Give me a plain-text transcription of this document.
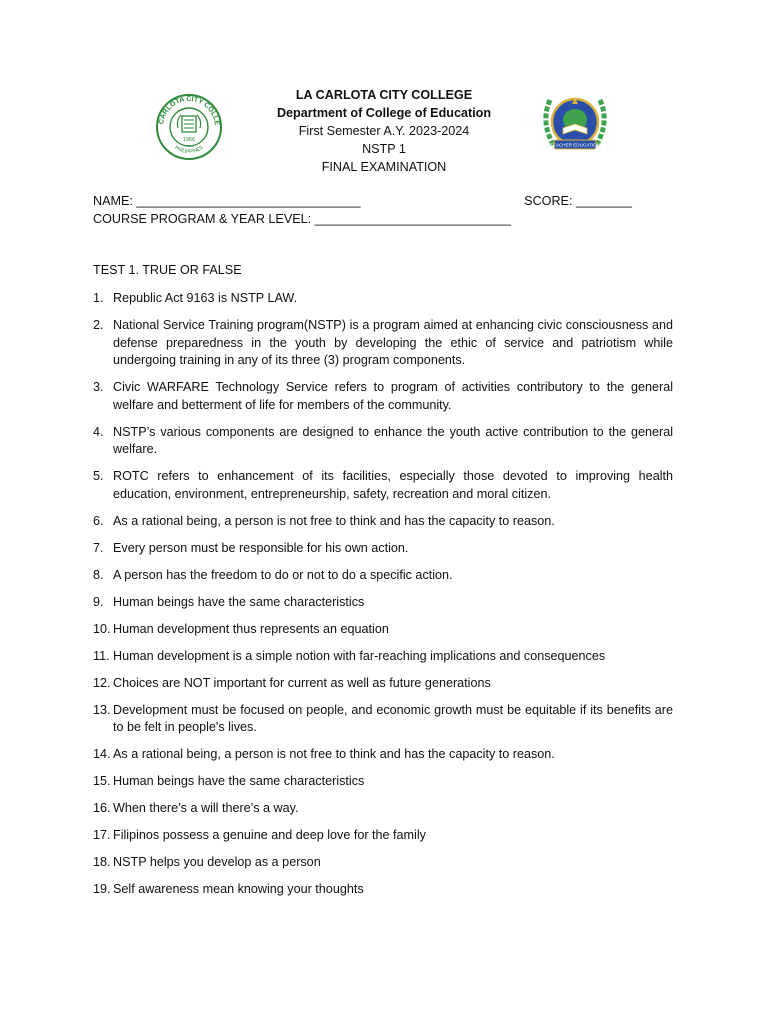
CARLOTA CITY COLLE
PHILIPPINES
1966
TEACHER EDUCATION
LA CARLOTA CITY COLLEGE
Department of College of Education
First Semester A.Y. 2023-2024
NSTP 1
FINAL EXAMINATION
NAME: ________________________________	SCORE: ________
COURSE PROGRAM & YEAR LEVEL: ____________________________
TEST 1. TRUE OR FALSE
1. Republic Act 9163 is NSTP LAW.
2. National Service Training program(NSTP) is a program aimed at enhancing civic consciousness and defense preparedness in the youth by developing the ethic of service and patriotism while undergoing training in any of its three (3) program components.
3. Civic WARFARE Technology Service refers to program of activities contributory to the general welfare and betterment of life for members of the community.
4. NSTP’s various components are designed to enhance the youth active contribution to the general welfare.
5. ROTC refers to enhancement of its facilities, especially those devoted to improving health education, environment, entrepreneurship, safety, recreation and moral citizen.
6. As a rational being, a person is not free to think and has the capacity to reason.
7. Every person must be responsible for his own action.
8. A person has the freedom to do or not to do a specific action.
9. Human beings have the same characteristics
10. Human development thus represents an equation
11. Human development is a simple notion with far-reaching implications and consequences
12. Choices are NOT important for current as well as future generations
13. Development must be focused on people, and economic growth must be equitable if its benefits are to be felt in people's lives.
14. As a rational being, a person is not free to think and has the capacity to reason.
15. Human beings have the same characteristics
16. When there’s a will there’s a way.
17. Filipinos possess a genuine and deep love for the family
18. NSTP helps you develop as a person
19. Self awareness mean knowing your thoughts
